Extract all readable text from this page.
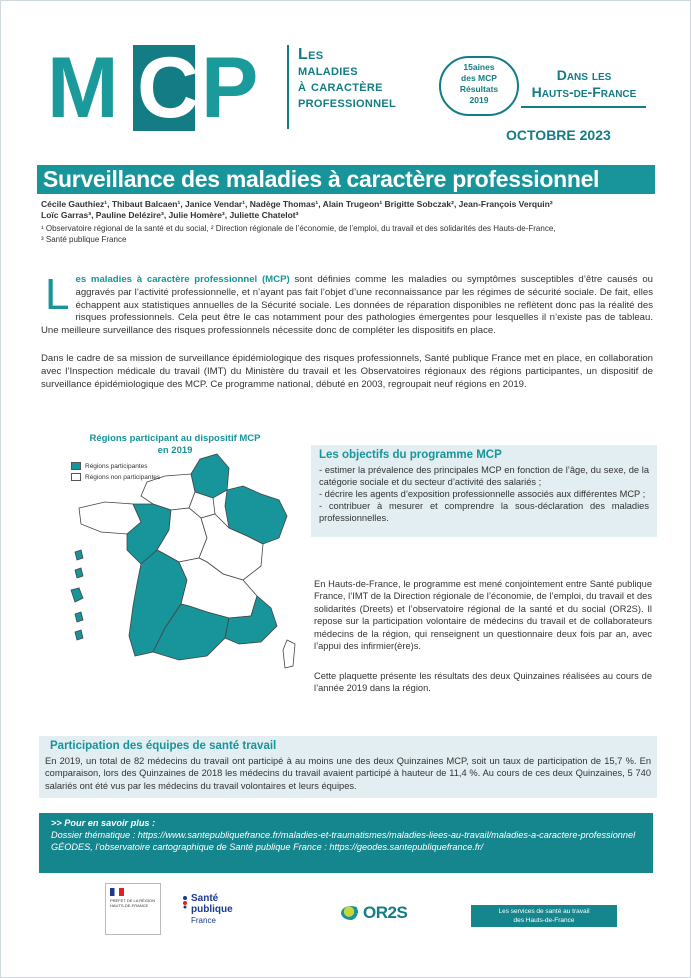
M C P Les
maladies
à caractère
professionnel
15aines
des MCP
Résultats
2019
Dans les
Hauts-de-France
OCTOBRE 2023
Surveillance des maladies à caractère professionnel
Cécile Gauthiez¹, Thibaut Balcaen¹, Janice Vendar¹, Nadège Thomas¹, Alain Trugeon¹ Brigitte Sobczak², Jean-François Verquin²
Loïc Garras³, Pauline Delézire³, Julie Homère³, Juliette Chatelot³
¹ Observatoire régional de la santé et du social, ² Direction régionale de l’économie, de l’emploi, du travail et des solidarités des Hauts-de-France,
³ Santé publique France
Les maladies à caractère professionnel (MCP) sont définies comme les maladies ou symptômes susceptibles d’être causés ou aggravés par l’activité professionnelle, et n’ayant pas fait l’objet d’une reconnaissance par les régimes de sécurité sociale. De fait, elles échappent aux statistiques annuelles de la Sécurité sociale. Les données de réparation disponibles ne reflètent donc pas la réalité des risques professionnels. Cela peut être le cas notamment pour des pathologies émergentes pour lesquelles il n’existe pas de tableau. Une meilleure surveillance des risques professionnels nécessite donc de compléter les dispositifs en place.
Dans le cadre de sa mission de surveillance épidémiologique des risques professionnels, Santé publique France met en place, en collaboration avec l’Inspection médicale du travail (IMT) du Ministère du travail et les Observatoires régionaux des régions participantes, un dispositif de surveillance épidémiologique des MCP. Ce programme national, débuté en 2003, regroupait neuf régions en 2019.
Régions participant au dispositif MCP
en 2019
Régions participantes
Régions non participantes
Les objectifs du programme MCP
- estimer la prévalence des principales MCP en fonction de l’âge, du sexe, de la catégorie sociale et du secteur d’activité des salariés ;
- décrire les agents d’exposition professionnelle associés aux différentes MCP ;
- contribuer à mesurer et comprendre la sous-déclaration des maladies professionnelles.
En Hauts-de-France, le programme est mené conjointement entre Santé publique France, l’IMT de la Direction régionale de l’économie, de l’emploi, du travail et des solidarités (Dreets) et l’observatoire régional de la santé et du social (OR2S). Il repose sur la participation volontaire de médecins du travail et de collaborateurs médecins de la région, qui renseignent un questionnaire deux fois par an, avec l’appui des infirmier(ère)s.
Cette plaquette présente les résultats des deux Quinzaines réalisées au cours de l’année 2019 dans la région.
Participation des équipes de santé travail
En 2019, un total de 82 médecins du travail ont participé à au moins une des deux Quinzaines MCP, soit un taux de participation de 15,7 %. En comparaison, lors des Quinzaines de 2018 les médecins du travail avaient participé à hauteur de 11,4 %. Au cours de ces deux Quinzaines, 5 740 salariés ont été vus par les médecins du travail volontaires et leurs équipes.
>> Pour en savoir plus :
Dossier thématique : https://www.santepubliquefrance.fr/maladies-et-traumatismes/maladies-liees-au-travail/maladies-a-caractere-professionnel
GÉODES, l’observatoire cartographique de Santé publique France : https://geodes.santepubliquefrance.fr/
PRÉFET DE LA RÉGION HAUTS-DE-FRANCE
Santé
publique
France	OR2S	Les services de santé au travail
des Hauts-de-France
